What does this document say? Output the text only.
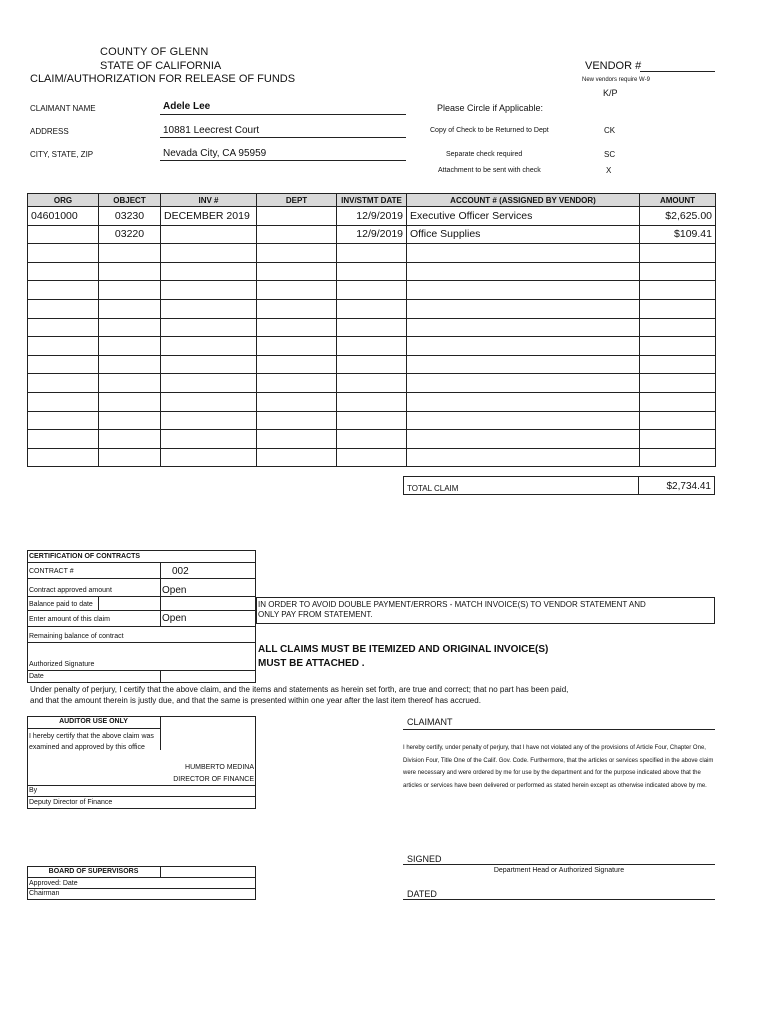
COUNTY OF GLENN
STATE OF CALIFORNIA
CLAIM/AUTHORIZATION FOR RELEASE OF FUNDS
VENDOR #
New vendors require W-9
K/P
CLAIMANT NAME	Adele Lee
ADDRESS	10881 Leecrest Court
CITY, STATE, ZIP	Nevada City, CA 95959
Please Circle if Applicable:
Copy of Check to be Returned to Dept	CK
Separate check required	SC
Attachment to be sent with check	X
ORG	OBJECT	INV #	DEPT	INV/STMT DATE	ACCOUNT # (ASSIGNED BY VENDOR)	AMOUNT
04601000	03230	DECEMBER 2019		12/9/2019	Executive Officer Services	$2,625.00
	03220			12/9/2019	Office Supplies	$109.41

TOTAL CLAIM	$2,734.41
CERTIFICATION OF CONTRACTS
CONTRACT #	002
Contract approved amount	Open
Balance paid to date
Enter amount of this claim	Open
Remaining balance of contract
Authorized Signature
Date
IN ORDER TO AVOID DOUBLE PAYMENT/ERRORS - MATCH INVOICE(S) TO VENDOR STATEMENT AND ONLY PAY FROM STATEMENT.
ALL CLAIMS MUST BE ITEMIZED AND ORIGINAL INVOICE(S) MUST BE ATTACHED .
Under penalty of perjury, I certify that the above claim, and the items and statements as herein set forth, are true and correct; that no part has been paid, and that the amount therein is justly due, and that the same is presented within one year after the last item thereof has accrued.
AUDITOR USE ONLY
I hereby certify that the above claim was examined and approved by this office
HUMBERTO MEDINA
DIRECTOR OF FINANCE
By
Deputy Director of Finance
CLAIMANT
I hereby certify, under penalty of perjury, that I have not violated any of the provisions of Article Four, Chapter One, Division Four, Title One of the Calif. Gov. Code. Furthermore, that the articles or services specified in the above claim were necessary and were ordered by me for use by the department and for the purpose indicated above that the articles or services have been delivered or performed as stated herein except as otherwise indicated above by me.
SIGNED
Department Head or Authorized Signature
DATED
BOARD OF SUPERVISORS
Approved: Date
Chairman
